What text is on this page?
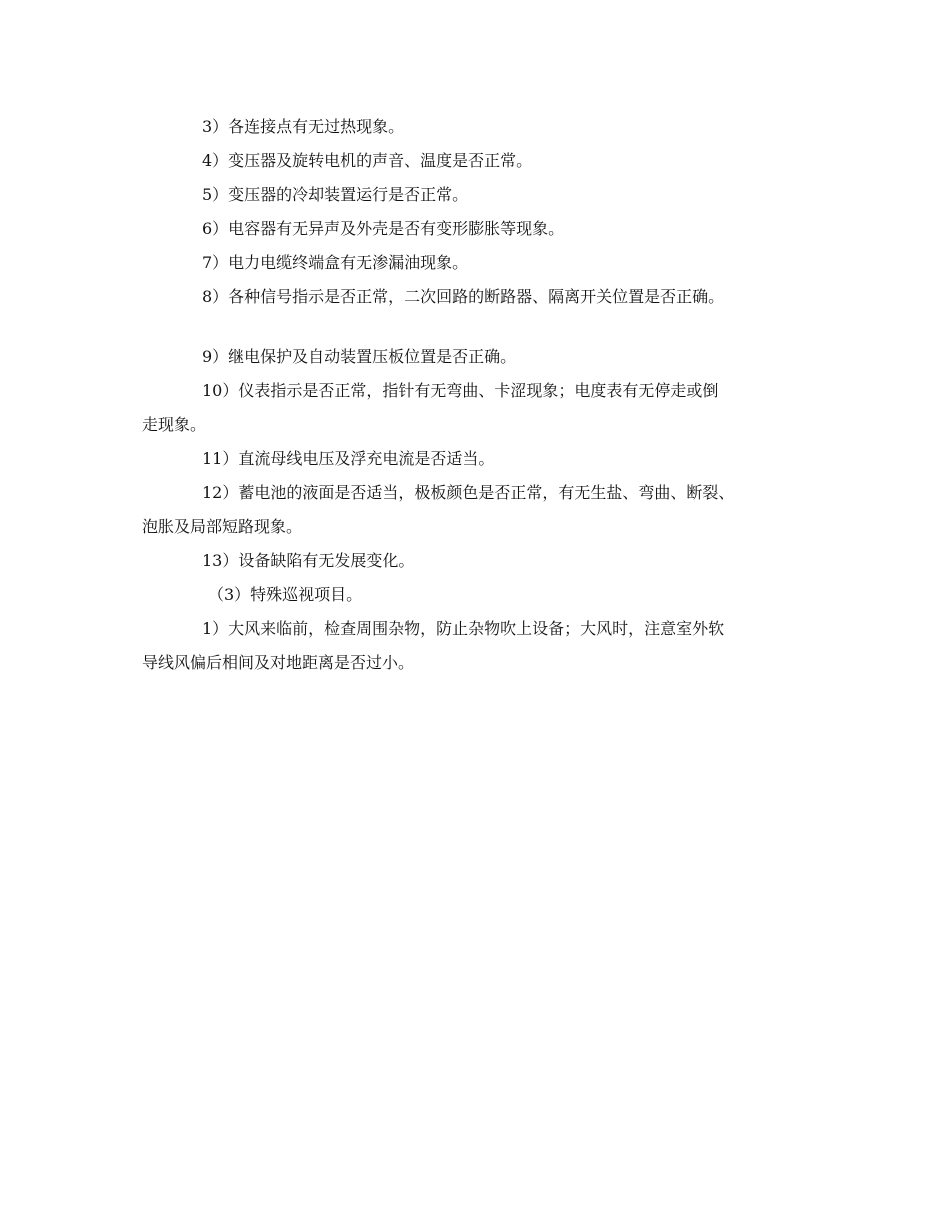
3）各连接点有无过热现象。
4）变压器及旋转电机的声音、温度是否正常。
5）变压器的冷却装置运行是否正常。
6）电容器有无异声及外壳是否有变形膨胀等现象。
7）电力电缆终端盒有无渗漏油现象。
8）各种信号指示是否正常，二次回路的断路器、隔离开关位置是否正确。
9）继电保护及自动装置压板位置是否正确。
10）仪表指示是否正常，指针有无弯曲、卡涩现象；电度表有无停走或倒
走现象。
11）直流母线电压及浮充电流是否适当。
12）蓄电池的液面是否适当，极板颜色是否正常，有无生盐、弯曲、断裂、
泡胀及局部短路现象。
13）设备缺陷有无发展变化。
（3）特殊巡视项目。
1）大风来临前，检查周围杂物，防止杂物吹上设备；大风时，注意室外软
导线风偏后相间及对地距离是否过小。
